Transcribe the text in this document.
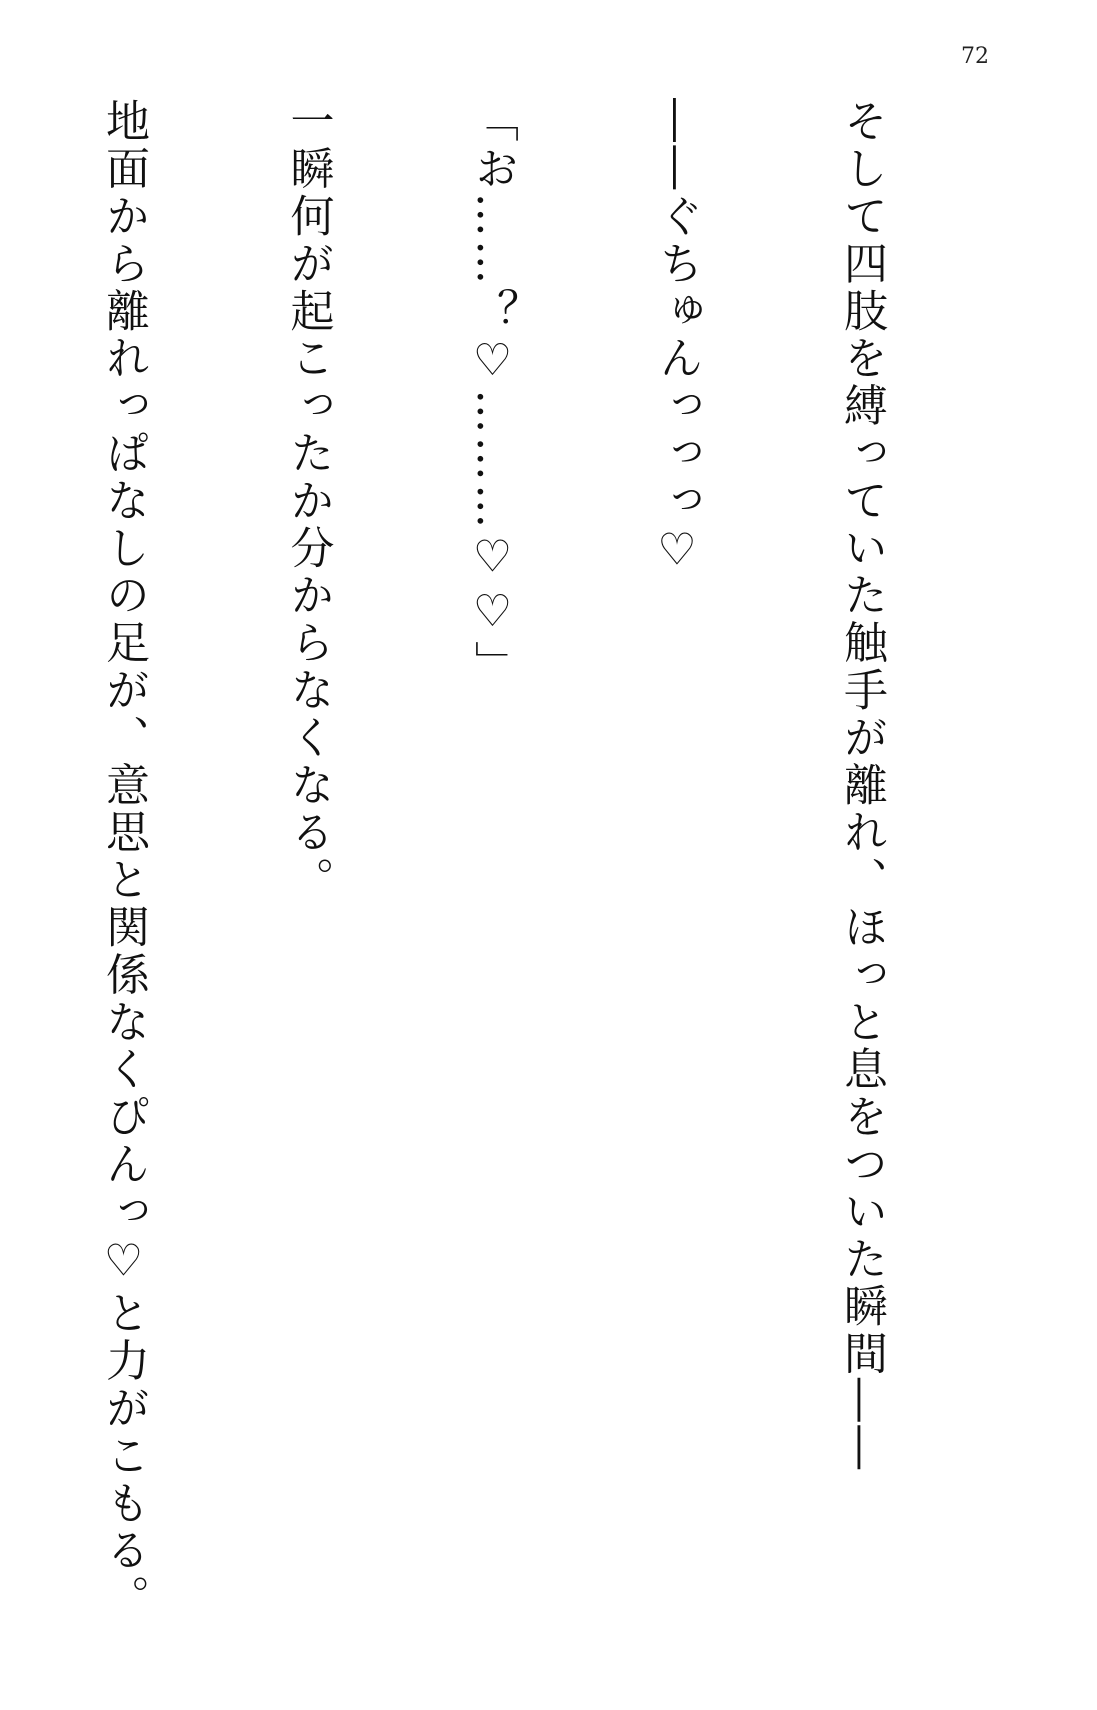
72

そして四肢を縛っていた触手が離れ、ほっと息をついた瞬間――

――ぐちゅんっっっ♡

「お……？♡………♡♡」

一瞬何が起こったか分からなくなる。

地面から離れっぱなしの足が、意思と関係なくぴんっ♡と力がこもる。
